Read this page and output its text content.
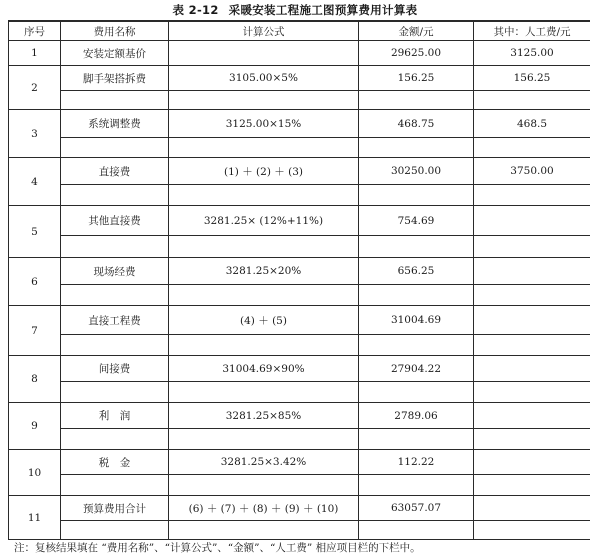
表 2-12 采暖安装工程施工图预算费用计算表
序号	费用名称	计算公式	金额/元	其中：人工费/元
1	安装定额基价		29625.00	3125.00
2	脚手架搭拆费	3105.00×5%	156.25	156.25

3	系统调整费	3125.00×15%	468.75	468.5

4	直接费	(1) ＋ (2) ＋ (3)	30250.00	3750.00

5	其他直接费	3281.25× (12%+11%)	754.69	

6	现场经费	3281.25×20%	656.25	

7	直接工程费	(4) ＋ (5)	31004.69	

8	间接费	31004.69×90%	27904.22	

9	利　润	3281.25×85%	2789.06	

10	税　金	3281.25×3.42%	112.22	

11	预算费用合计	(6) ＋ (7) ＋ (8) ＋ (9) ＋ (10)	63057.07	

注：复核结果填在 “费用名称”、“计算公式”、“金额”、“人工费” 相应项目栏的下栏中。
